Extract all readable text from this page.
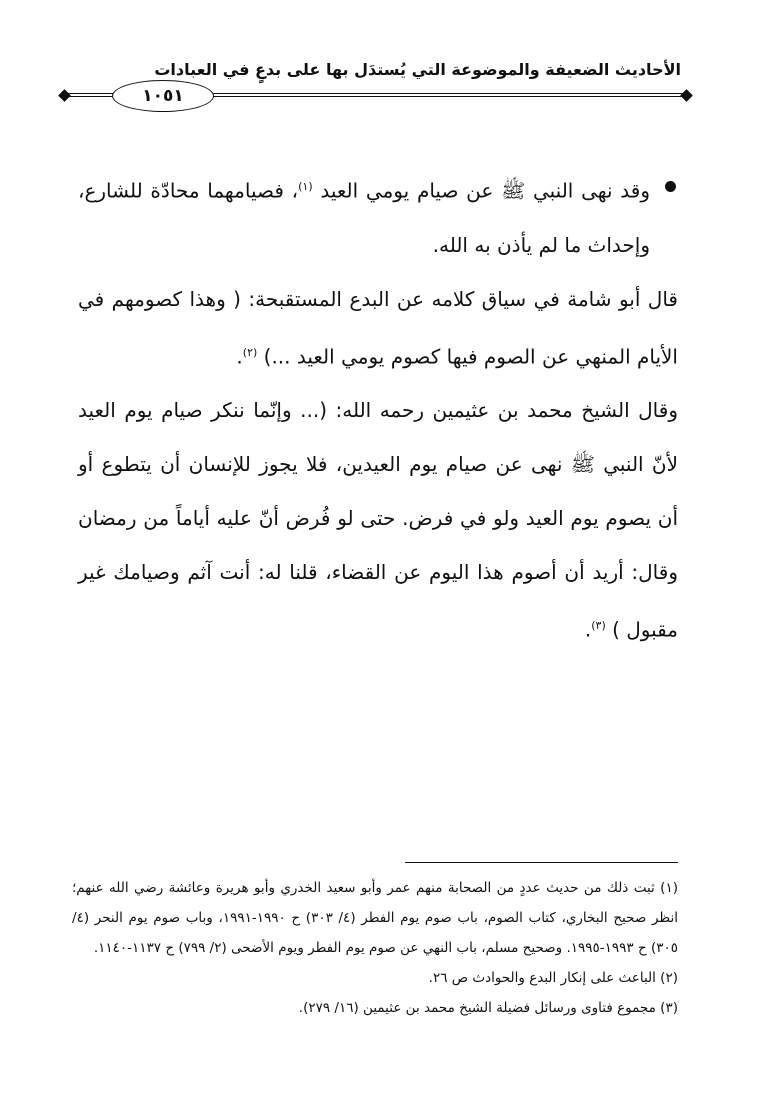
الأحاديث الضعيفة والموضوعة التي يُستدَل بها على بدعٍ في العبادات
١٠٥١

وقد نهى النبي ﷺ عن صيام يومي العيد $^{(١)}$، فصيامهما محادّة للشارع، وإحداث ما لم يأذن به الله.

قال أبو شامة في سياق كلامه عن البدع المستقبحة: ( وهذا كصومهم في الأيام المنهي عن الصوم فيها كصوم يومي العيد ...) $^{(٢)}$.

وقال الشيخ محمد بن عثيمين رحمه الله: (... وإنّما ننكر صيام يوم العيد لأنّ النبي ﷺ نهى عن صيام يوم العيدين، فلا يجوز للإنسان أن يتطوع أو أن يصوم يوم العيد ولو في فرض. حتى لو فُرض أنّ عليه أياماً من رمضان وقال: أريد أن أصوم هذا اليوم عن القضاء، قلنا له: أنت آثم وصيامك غير مقبول ) $^{(٣)}$.

(١) ثبت ذلك من حديث عددٍ من الصحابة منهم عمر وأبو سعيد الخدري وأبو هريرة وعائشة رضي الله عنهم؛ انظر صحيح البخاري، كتاب الصوم، باب صوم يوم الفطر (٤/ ٣٠٣) ح ١٩٩٠-١٩٩١، وباب صوم يوم النحر (٤/ ٣٠٥) ح ١٩٩٣-١٩٩٥. وصحيح مسلم، باب النهي عن صوم يوم الفطر ويوم الأضحى (٢/ ٧٩٩) ح ١١٣٧-١١٤٠.

(٢) الباعث على إنكار البدع والحوادث ص ٢٦.

(٣) مجموع فتاوى ورسائل فضيلة الشيخ محمد بن عثيمين (١٦/ ٢٧٩).
